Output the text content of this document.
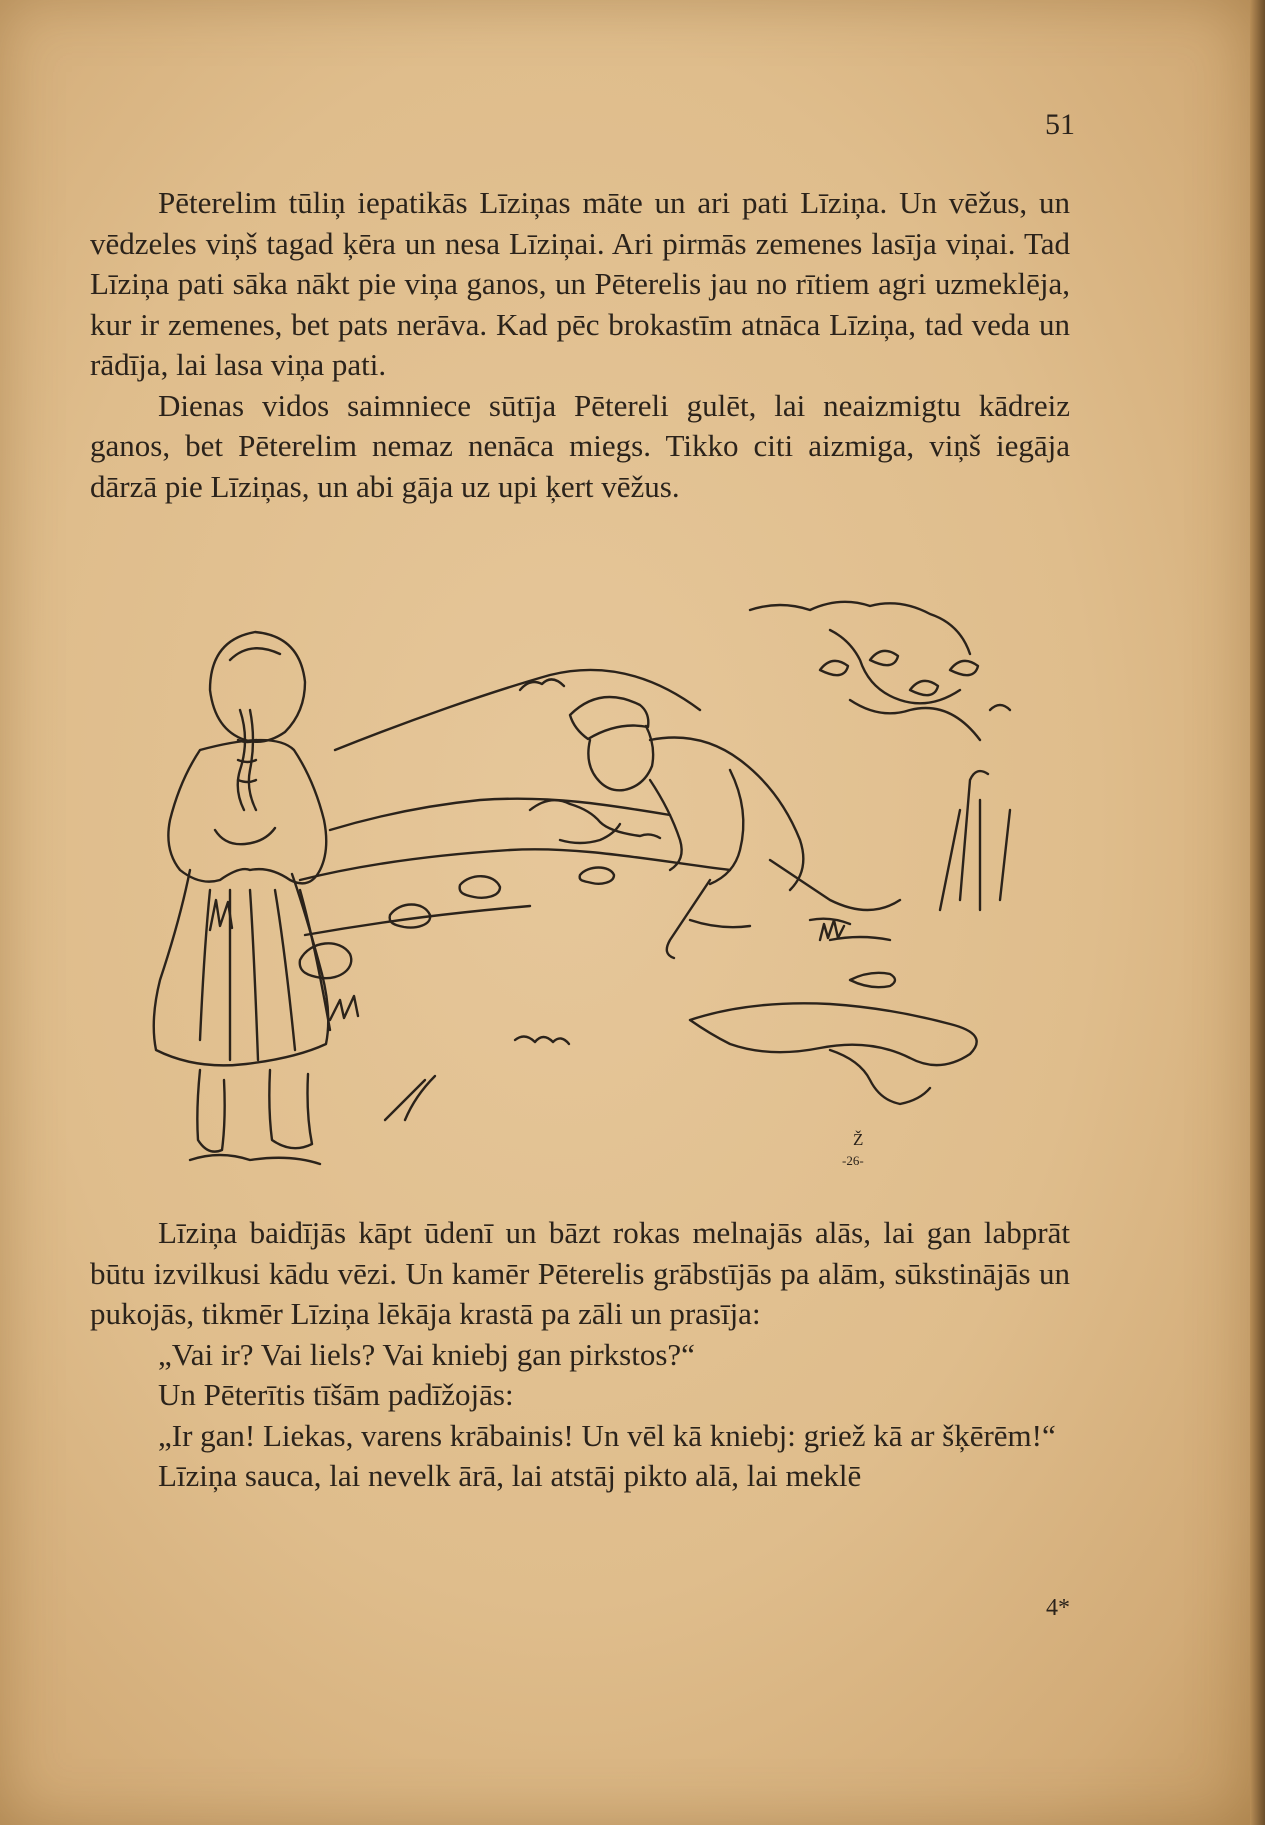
51

Pēterelim tūliņ iepatikās Līziņas māte un ari pati Līziņa. Un vēžus, un vēdzeles viņš tagad ķēra un nesa Līziņai. Ari pirmās zemenes lasīja viņai. Tad Līziņa pati sāka nākt pie viņa ganos, un Pēterelis jau no rītiem agri uzmeklēja, kur ir zemenes, bet pats nerāva. Kad pēc brokastīm atnāca Līziņa, tad veda un rādīja, lai lasa viņa pati.

Dienas vidos saimniece sūtīja Pētereli gulēt, lai neaizmigtu kādreiz ganos, bet Pēterelim nemaz nenāca miegs. Tikko citi aizmiga, viņš iegāja dārzā pie Līziņas, un abi gāja uz upi ķert vēžus.

Ž
-26-

Līziņa baidījās kāpt ūdenī un bāzt rokas melnajās alās, lai gan labprāt būtu izvilkusi kādu vēzi. Un kamēr Pēterelis grābstījās pa alām, sūkstinājās un pukojās, tikmēr Līziņa lēkāja krastā pa zāli un prasīja:

„Vai ir? Vai liels? Vai kniebj gan pirkstos?“

Un Pēterītis tīšām padīžojās:

„Ir gan! Liekas, varens krābainis! Un vēl kā kniebj: griež kā ar šķērēm!“

Līziņa sauca, lai nevelk ārā, lai atstāj pikto alā, lai meklē

4*
